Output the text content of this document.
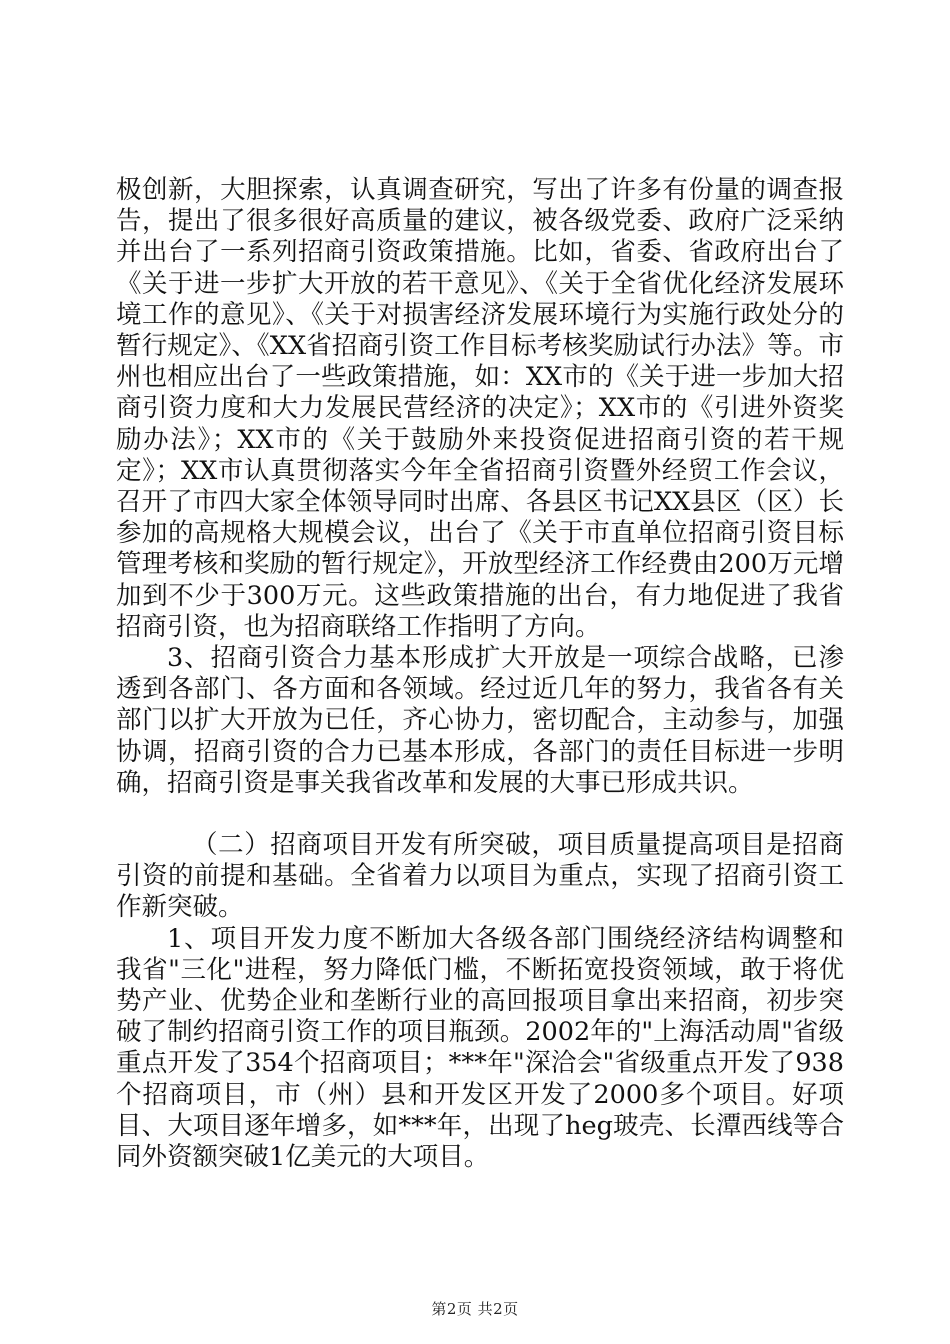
极创新，大胆探索，认真调查研究，写出了许多有份量的调查报告，提出了很多很好高质量的建议，被各级党委、政府广泛采纳并出台了一系列招商引资政策措施。比如，省委、省政府出台了《关于进一步扩大开放的若干意见》、《关于全省优化经济发展环境工作的意见》、《关于对损害经济发展环境行为实施行政处分的暂行规定》、《XX省招商引资工作目标考核奖励试行办法》等。市州也相应出台了一些政策措施，如：XX市的《关于进一步加大招商引资力度和大力发展民营经济的决定》；XX市的《引进外资奖励办法》；XX市的《关于鼓励外来投资促进招商引资的若干规定》；XX市认真贯彻落实今年全省招商引资暨外经贸工作会议，召开了市四大家全体领导同时出席、各县区书记XX县区（区）长参加的高规格大规模会议，出台了《关于市直单位招商引资目标管理考核和奖励的暂行规定》，开放型经济工作经费由200万元增加到不少于300万元。这些政策措施的出台，有力地促进了我省招商引资，也为招商联络工作指明了方向。

3、招商引资合力基本形成扩大开放是一项综合战略，已渗透到各部门、各方面和各领域。经过近几年的努力，我省各有关部门以扩大开放为已任，齐心协力，密切配合，主动参与，加强协调，招商引资的合力已基本形成，各部门的责任目标进一步明确，招商引资是事关我省改革和发展的大事已形成共识。

（二）招商项目开发有所突破，项目质量提高项目是招商引资的前提和基础。全省着力以项目为重点，实现了招商引资工作新突破。

1、项目开发力度不断加大各级各部门围绕经济结构调整和我省"三化"进程，努力降低门槛，不断拓宽投资领域，敢于将优势产业、优势企业和垄断行业的高回报项目拿出来招商，初步突破了制约招商引资工作的项目瓶颈。2002年的"上海活动周"省级重点开发了354个招商项目；***年"深洽会"省级重点开发了938个招商项目，市（州）县和开发区开发了2000多个项目。好项目、大项目逐年增多，如***年，出现了heg玻壳、长潭西线等合同外资额突破1亿美元的大项目。

第2页 共2页
